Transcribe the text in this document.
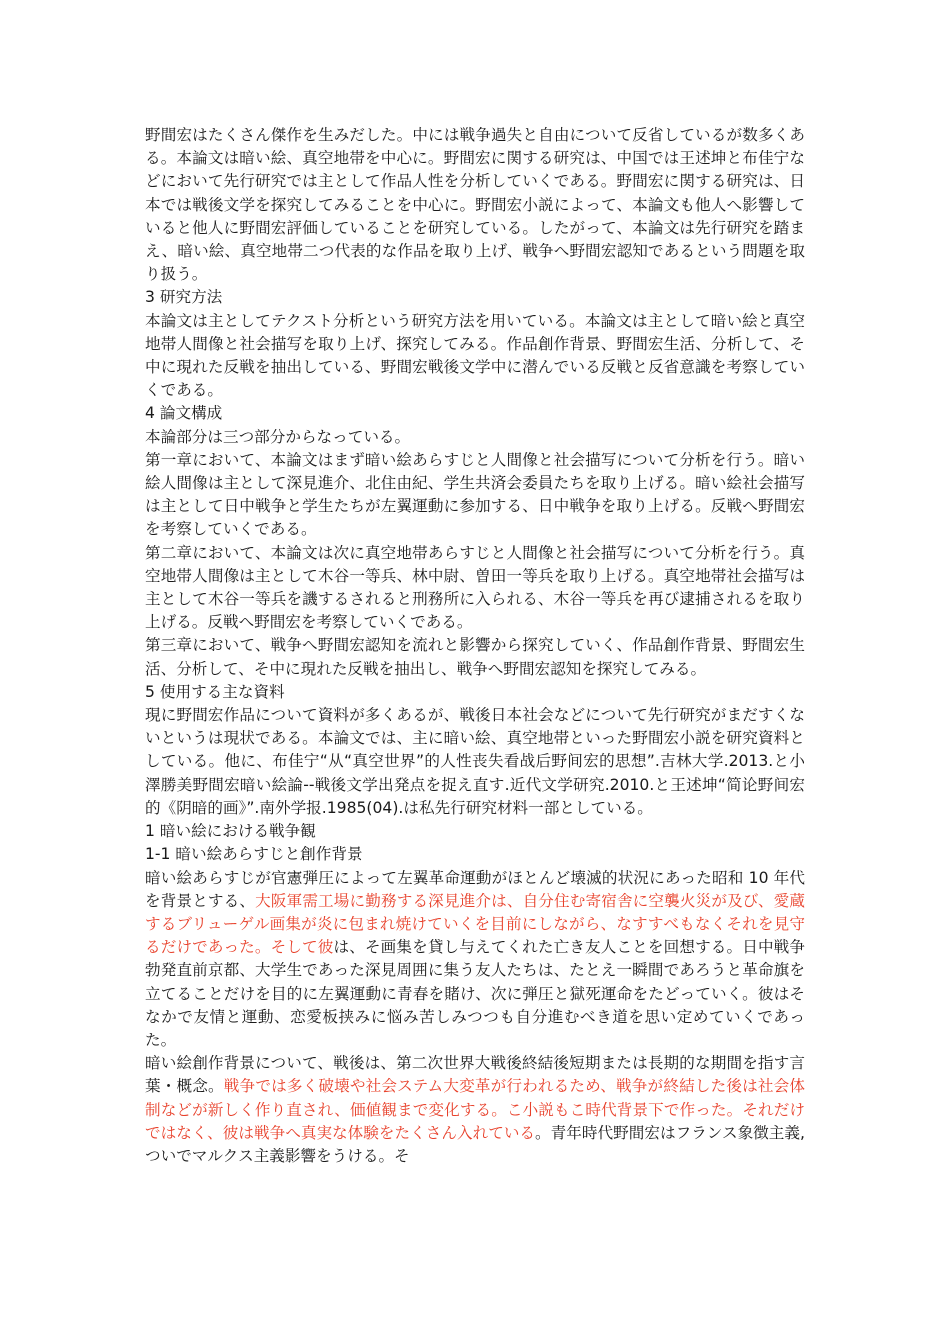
野間宏はたくさん傑作を生みだした。中には戦争過失と自由について反省しているが数多くある。本論文は暗い絵、真空地帯を中心に。野間宏に関する研究は、中国では王述坤と布佳宁などにおいて先行研究では主として作品人性を分析していくである。野間宏に関する研究は、日本では戦後文学を探究してみることを中心に。野間宏小説によって、本論文も他人へ影響していると他人に野間宏評価していることを研究している。したがって、本論文は先行研究を踏まえ、暗い絵、真空地帯二つ代表的な作品を取り上げ、戦争へ野間宏認知であるという問題を取り扱う。

3 研究方法

本論文は主としてテクスト分析という研究方法を用いている。本論文は主として暗い絵と真空地帯人間像と社会描写を取り上げ、探究してみる。作品創作背景、野間宏生活、分析して、そ中に現れた反戦を抽出している、野間宏戦後文学中に潜んでいる反戦と反省意識を考察していくである。

4 論文構成

本論部分は三つ部分からなっている。

第一章において、本論文はまず暗い絵あらすじと人間像と社会描写について分析を行う。暗い絵人間像は主として深見進介、北住由紀、学生共済会委員たちを取り上げる。暗い絵社会描写は主として日中戦争と学生たちが左翼運動に参加する、日中戦争を取り上げる。反戦へ野間宏を考察していくである。

第二章において、本論文は次に真空地帯あらすじと人間像と社会描写について分析を行う。真空地帯人間像は主として木谷一等兵、林中尉、曽田一等兵を取り上げる。真空地帯社会描写は主として木谷一等兵を譏するされると刑務所に入られる、木谷一等兵を再び逮捕されるを取り上げる。反戦へ野間宏を考察していくである。

第三章において、戦争へ野間宏認知を流れと影響から探究していく、作品創作背景、野間宏生活、分析して、そ中に現れた反戦を抽出し、戦争へ野間宏認知を探究してみる。

5 使用する主な資料

現に野間宏作品について資料が多くあるが、戦後日本社会などについて先行研究がまだすくないというは現状である。本論文では、主に暗い絵、真空地帯といった野間宏小説を研究資料としている。他に、布佳宁“从“真空世界”的人性丧失看战后野间宏的思想”.吉林大学.2013.と小澤勝美野間宏暗い絵論--戦後文学出発点を捉え直す.近代文学研究.2010.と王述坤“简论野间宏的《阴暗的画》”.南外学报.1985(04).は私先行研究材料一部としている。

1 暗い絵における戦争観

1-1 暗い絵あらすじと創作背景

暗い絵あらすじが官憲弾圧によって左翼革命運動がほとんど壊滅的状況にあった昭和 10 年代を背景とする、大阪軍需工場に勤務する深見進介は、自分住む寄宿舎に空襲火災が及び、愛蔵するブリューゲル画集が炎に包まれ焼けていくを目前にしながら、なすすべもなくそれを見守るだけであった。そして彼は、そ画集を貸し与えてくれた亡き友人ことを回想する。日中戦争勃発直前京都、大学生であった深見周囲に集う友人たちは、たとえ一瞬間であろうと革命旗を立てることだけを目的に左翼運動に青春を賭け、次に弾圧と獄死運命をたどっていく。彼はそなかで友情と運動、恋愛板挟みに悩み苦しみつつも自分進むべき道を思い定めていくであった。

暗い絵創作背景について、戦後は、第二次世界大戦後終結後短期または長期的な期間を指す言葉・概念。戦争では多く破壊や社会ステム大変革が行われるため、戦争が終結した後は社会体制などが新しく作り直され、価値観まで変化する。こ小説もこ時代背景下で作った。それだけではなく、彼は戦争へ真実な体験をたくさん入れている。青年時代野間宏はフランス象徴主義,ついでマルクス主義影響をうける。そ
